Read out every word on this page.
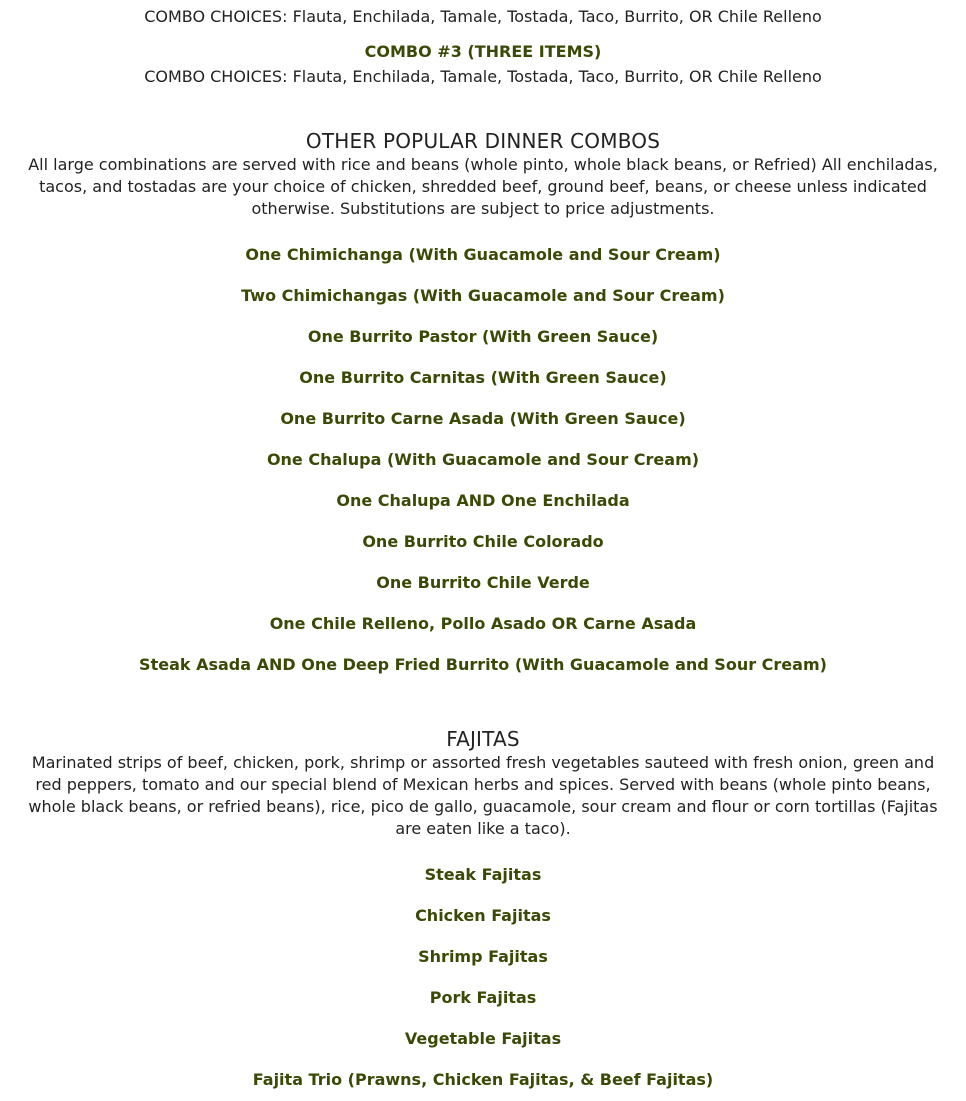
COMBO CHOICES: Flauta, Enchilada, Tamale, Tostada, Taco, Burrito, OR Chile Relleno

COMBO #3 (THREE ITEMS)

COMBO CHOICES: Flauta, Enchilada, Tamale, Tostada, Taco, Burrito, OR Chile Relleno

OTHER POPULAR DINNER COMBOS

All large combinations are served with rice and beans (whole pinto, whole black beans, or Refried) All enchiladas, tacos, and tostadas are your choice of chicken, shredded beef, ground beef, beans, or cheese unless indicated otherwise. Substitutions are subject to price adjustments.

One Chimichanga (With Guacamole and Sour Cream)

Two Chimichangas (With Guacamole and Sour Cream)

One Burrito Pastor (With Green Sauce)

One Burrito Carnitas (With Green Sauce)

One Burrito Carne Asada (With Green Sauce)

One Chalupa (With Guacamole and Sour Cream)

One Chalupa AND One Enchilada

One Burrito Chile Colorado

One Burrito Chile Verde

One Chile Relleno, Pollo Asado OR Carne Asada

Steak Asada AND One Deep Fried Burrito (With Guacamole and Sour Cream)

FAJITAS

Marinated strips of beef, chicken, pork, shrimp or assorted fresh vegetables sauteed with fresh onion, green and red peppers, tomato and our special blend of Mexican herbs and spices. Served with beans (whole pinto beans, whole black beans, or refried beans), rice, pico de gallo, guacamole, sour cream and flour or corn tortillas (Fajitas are eaten like a taco).

Steak Fajitas

Chicken Fajitas

Shrimp Fajitas

Pork Fajitas

Vegetable Fajitas

Fajita Trio (Prawns, Chicken Fajitas, & Beef Fajitas)
